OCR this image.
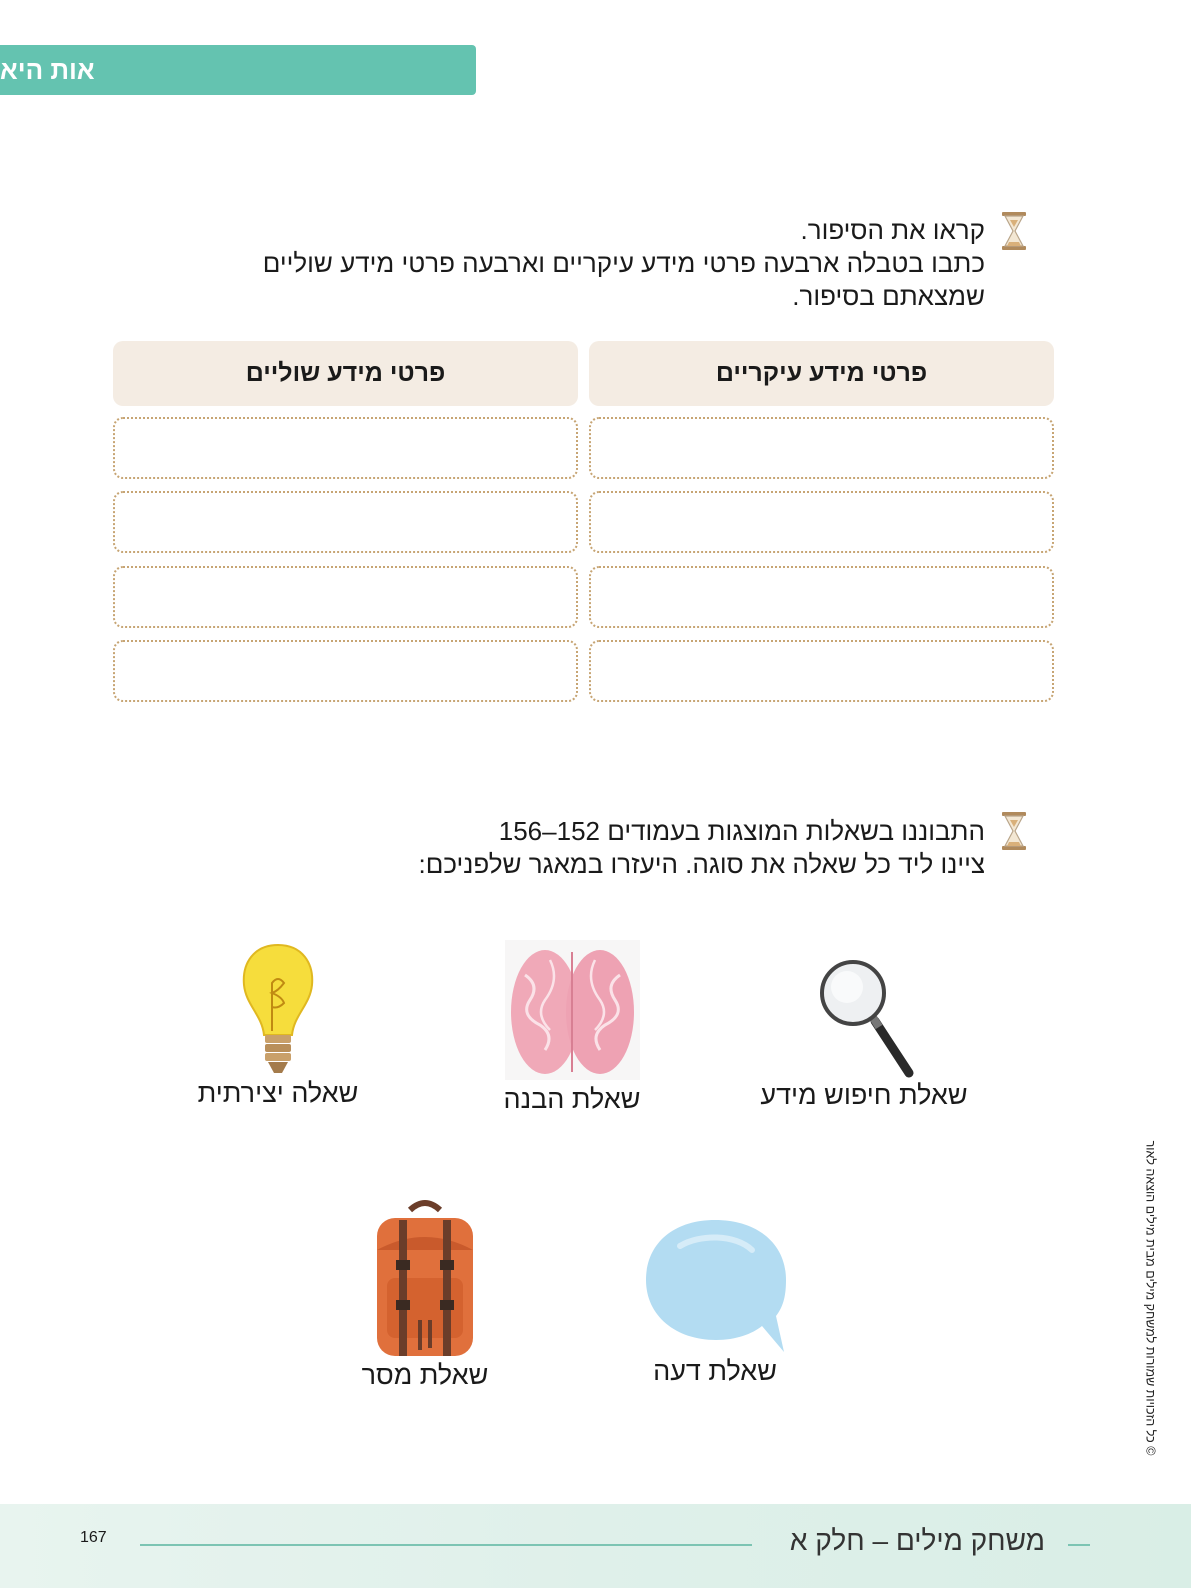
אות היא

קראו את הסיפור.

כתבו בטבלה ארבעה פרטי מידע עיקריים וארבעה פרטי מידע שוליים

שמצאתם בסיפור.

פרטי מידע עיקריים
פרטי מידע שוליים

התבוננו בשאלות המוצגות בעמודים 152–156

ציינו ליד כל שאלה את סוגה. היעזרו במאגר שלפניכם:

שאלת חיפוש מידע
שאלת הבנה
שאלה יצירתית
שאלת דעה
שאלת מסר	© כל הזכויות שמורות למשחק מילים מבית מילים הוצאה לאור
משחק מילים – חלק א
167
